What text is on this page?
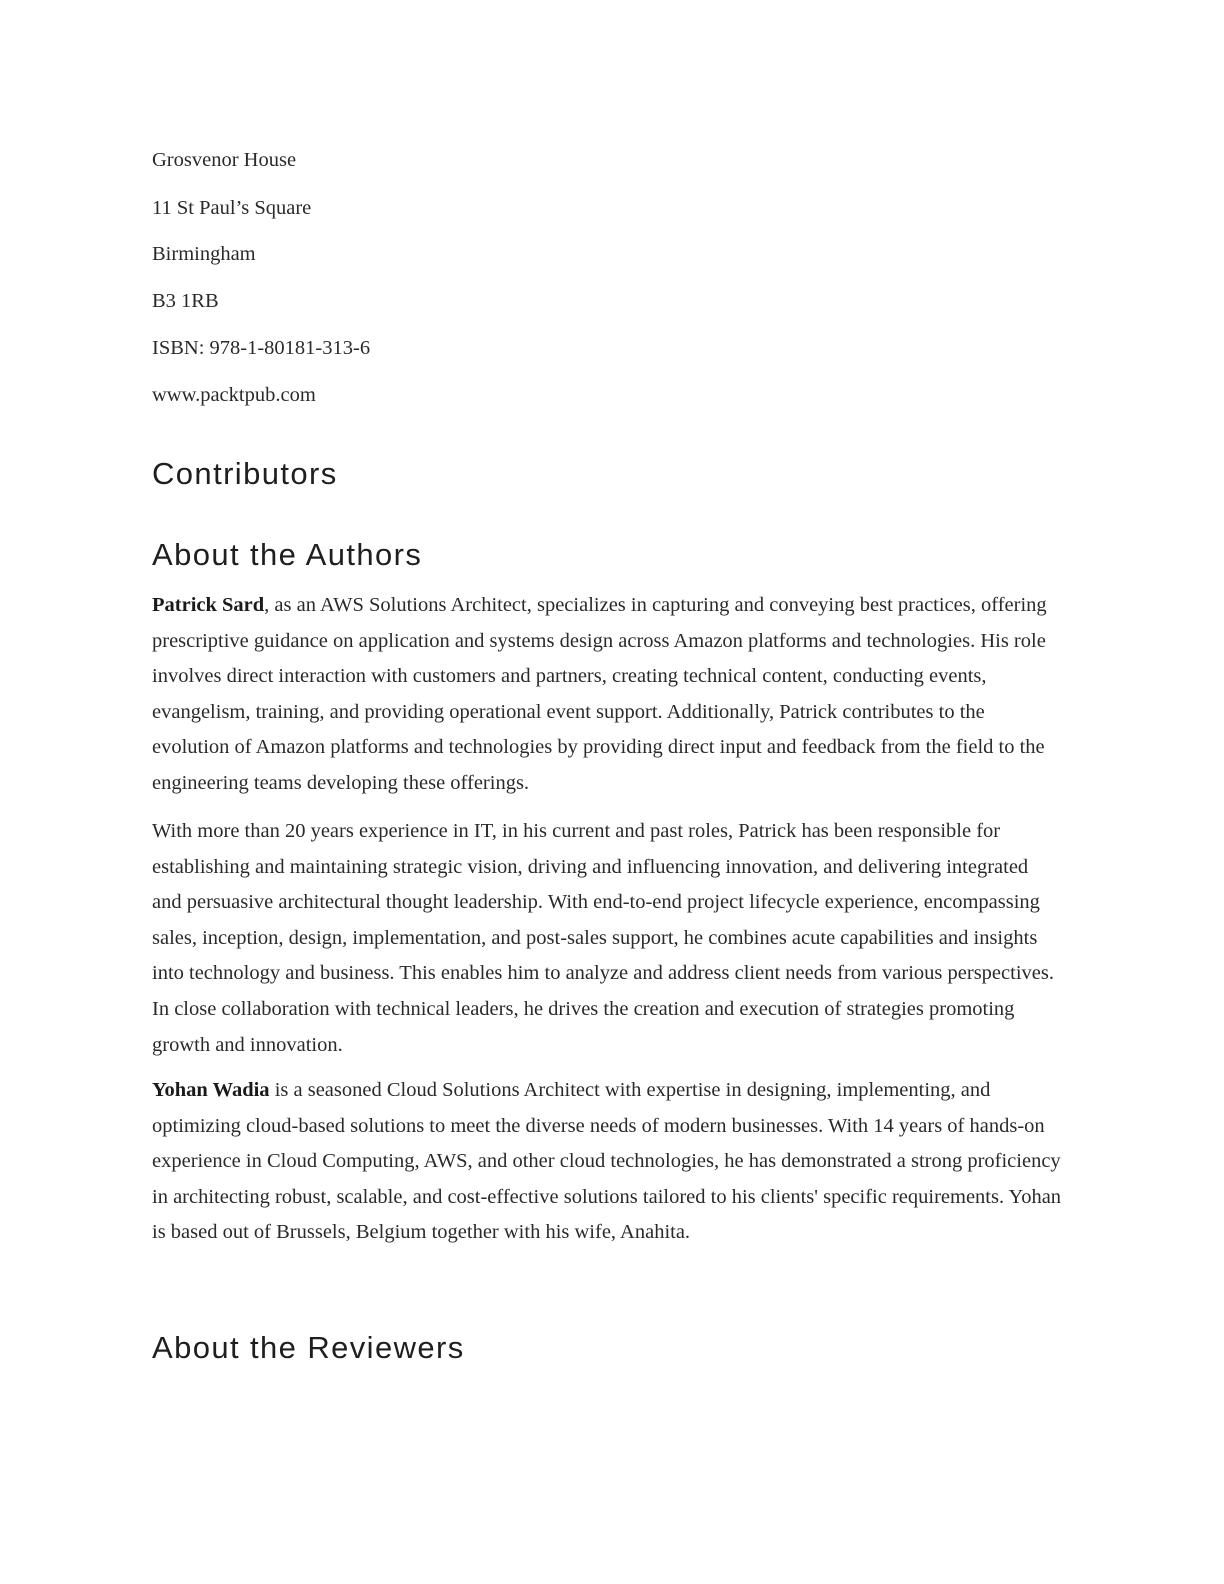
Grosvenor House
11 St Paul’s Square
Birmingham
B3 1RB
ISBN: 978-1-80181-313-6
www.packtpub.com
Contributors
About the Authors

Patrick Sard, as an AWS Solutions Architect, specializes in capturing and conveying best practices, offering prescriptive guidance on application and systems design across Amazon platforms and technologies. His role involves direct interaction with customers and partners, creating technical content, conducting events, evangelism, training, and providing operational event support. Additionally, Patrick contributes to the evolution of Amazon platforms and technologies by providing direct input and feedback from the field to the engineering teams developing these offerings.

With more than 20 years experience in IT, in his current and past roles, Patrick has been responsible for establishing and maintaining strategic vision, driving and influencing innovation, and delivering integrated and persuasive architectural thought leadership. With end-to-end project lifecycle experience, encompassing sales, inception, design, implementation, and post-sales support, he combines acute capabilities and insights into technology and business. This enables him to analyze and address client needs from various perspectives. In close collaboration with technical leaders, he drives the creation and execution of strategies promoting growth and innovation.

Yohan Wadia is a seasoned Cloud Solutions Architect with expertise in designing, implementing, and optimizing cloud-based solutions to meet the diverse needs of modern businesses. With 14 years of hands-on experience in Cloud Computing, AWS, and other cloud technologies, he has demonstrated a strong proficiency in architecting robust, scalable, and cost-effective solutions tailored to his clients' specific requirements. Yohan is based out of Brussels, Belgium together with his wife, Anahita.

About the Reviewers
